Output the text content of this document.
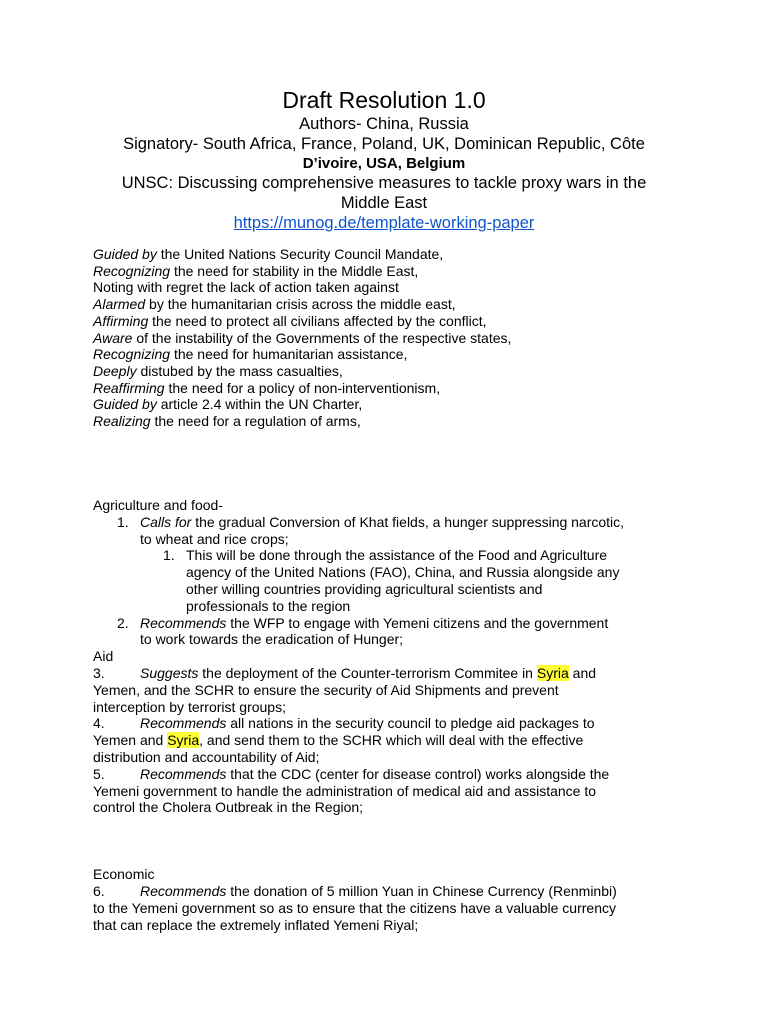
Draft Resolution 1.0
Authors- China, Russia
Signatory- South Africa, France, Poland, UK, Dominican Republic, Côte
D’ivoire, USA, Belgium
UNSC: Discussing comprehensive measures to tackle proxy wars in the
Middle East
https://munog.de/template-working-paper
Guided by the United Nations Security Council Mandate,
Recognizing the need for stability in the Middle East,
Noting with regret the lack of action taken against
Alarmed by the humanitarian crisis across the middle east,
Affirming the need to protect all civilians affected by the conflict,
Aware of the instability of the Governments of the respective states,
Recognizing the need for humanitarian assistance,
Deeply distubed by the mass casualties,
Reaffirming the need for a policy of non-interventionism,
Guided by article 2.4 within the UN Charter,
Realizing the need for a regulation of arms,
Agriculture and food-
1. Calls for the gradual Conversion of Khat fields, a hunger suppressing narcotic,
to wheat and rice crops;
1. This will be done through the assistance of the Food and Agriculture
agency of the United Nations (FAO), China, and Russia alongside any
other willing countries providing agricultural scientists and
professionals to the region
2. Recommends the WFP to engage with Yemeni citizens and the government
to work towards the eradication of Hunger;
Aid
3.	Suggests the deployment of the Counter-terrorism Commitee in Syria and
Yemen, and the SCHR to ensure the security of Aid Shipments and prevent
interception by terrorist groups;
4.	Recommends all nations in the security council to pledge aid packages to
Yemen and Syria, and send them to the SCHR which will deal with the effective
distribution and accountability of Aid;
5.	Recommends that the CDC (center for disease control) works alongside the
Yemeni government to handle the administration of medical aid and assistance to
control the Cholera Outbreak in the Region;
Economic
6.	Recommends the donation of 5 million Yuan in Chinese Currency (Renminbi)
to the Yemeni government so as to ensure that the citizens have a valuable currency
that can replace the extremely inflated Yemeni Riyal;
